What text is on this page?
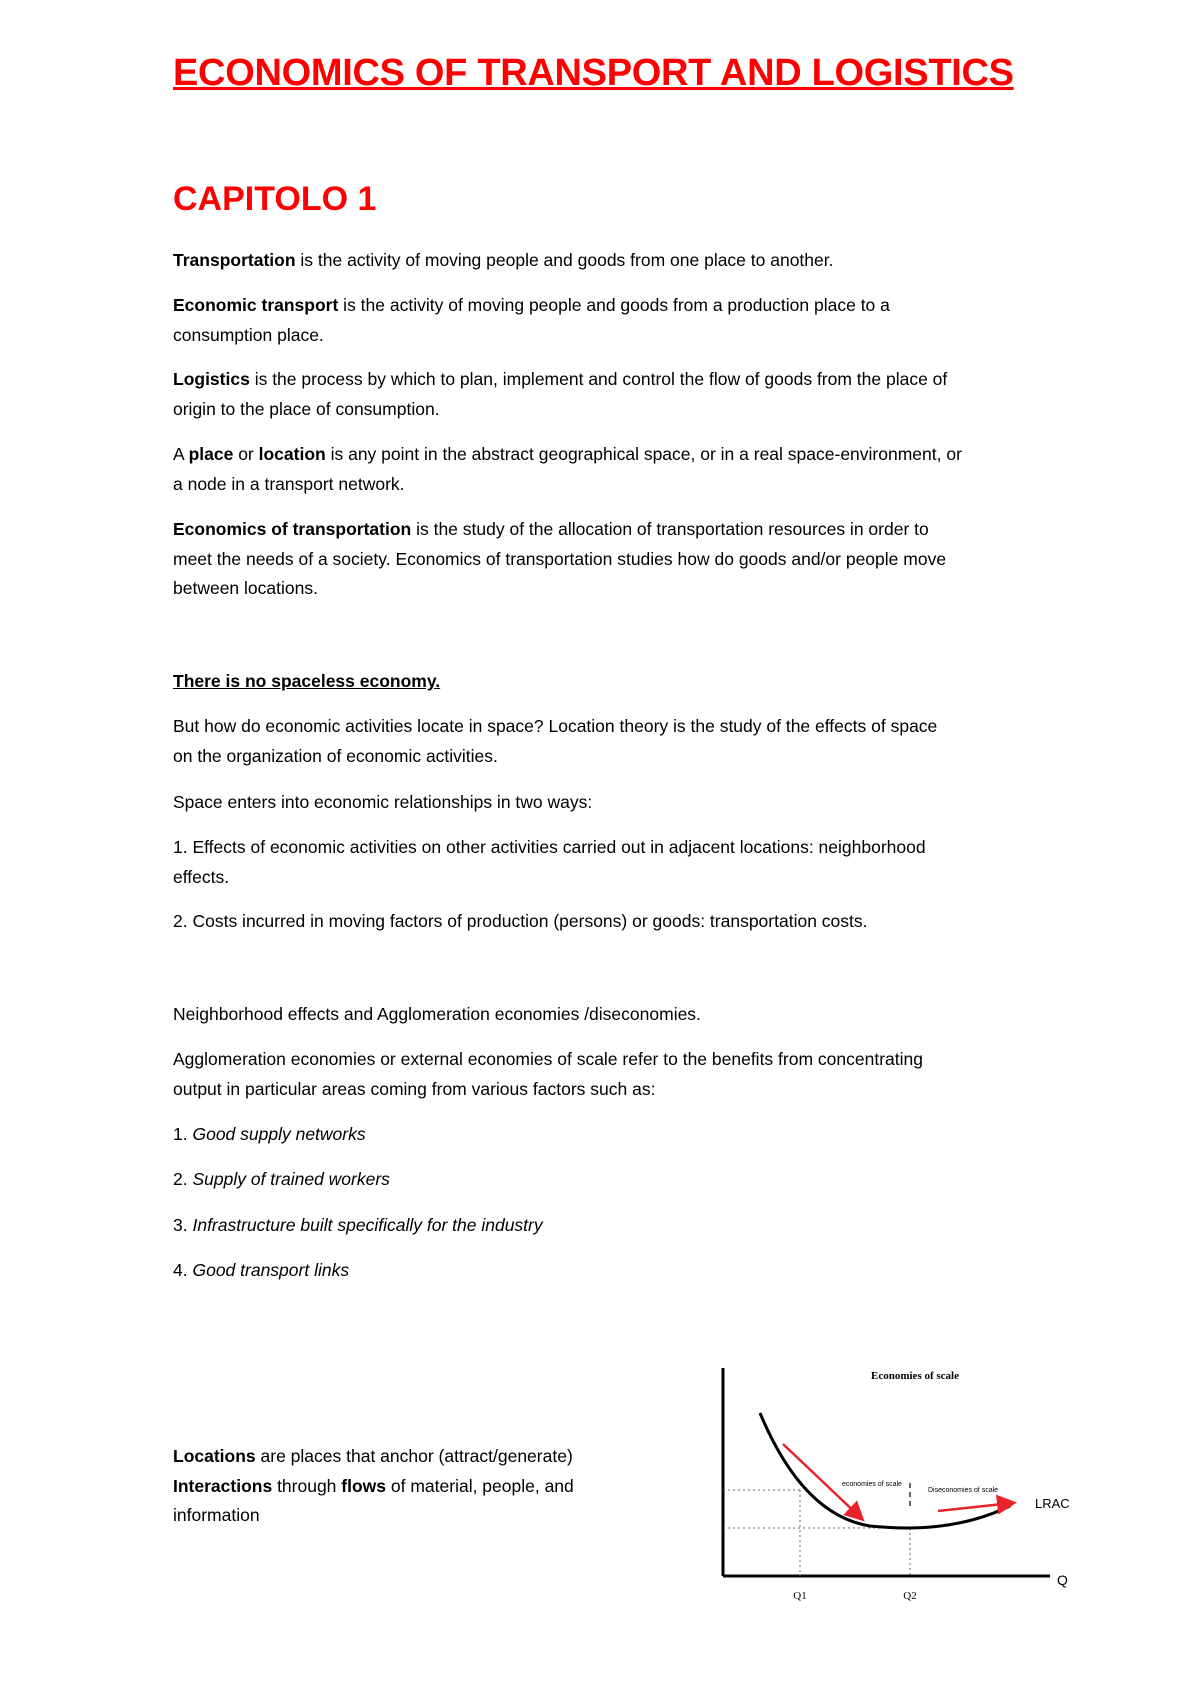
ECONOMICS OF TRANSPORT AND LOGISTICS
CAPITOLO 1

Transportation is the activity of moving people and goods from one place to another.

Economic transport is the activity of moving people and goods from a production place to a
consumption place.

Logistics is the process by which to plan, implement and control the flow of goods from the place of
origin to the place of consumption.

A place or location is any point in the abstract geographical space, or in a real space-environment, or
a node in a transport network.

Economics of transportation is the study of the allocation of transportation resources in order to
meet the needs of a society. Economics of transportation studies how do goods and/or people move
between locations.

There is no spaceless economy.

But how do economic activities locate in space? Location theory is the study of the effects of space
on the organization of economic activities.

Space enters into economic relationships in two ways:

1. Effects of economic activities on other activities carried out in adjacent locations: neighborhood
effects.

2. Costs incurred in moving factors of production (persons) or goods: transportation costs.

Neighborhood effects and Agglomeration economies /diseconomies.

Agglomeration economies or external economies of scale refer to the benefits from concentrating
output in particular areas coming from various factors such as:

1. Good supply networks

2. Supply of trained workers

3. Infrastructure built specifically for the industry

4. Good transport links

Locations are places that anchor (attract/generate)
Interactions through flows of material, people, and
information
Economies of scale
economies of scale
Diseconomies of scale
LRAC
Q1	Q2
Q
